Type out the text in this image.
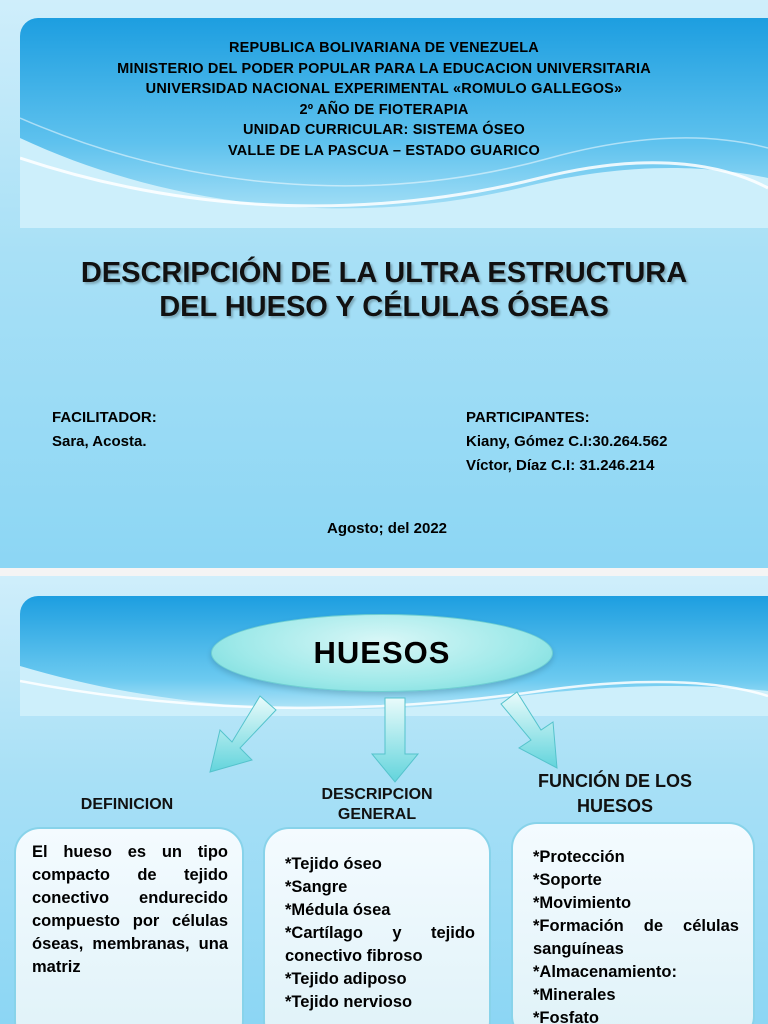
REPUBLICA BOLIVARIANA DE VENEZUELA
MINISTERIO DEL PODER POPULAR PARA LA EDUCACION UNIVERSITARIA
UNIVERSIDAD NACIONAL EXPERIMENTAL «ROMULO GALLEGOS»
2º AÑO DE FIOTERAPIA
UNIDAD CURRICULAR: SISTEMA ÓSEO
VALLE DE LA PASCUA – ESTADO GUARICO
DESCRIPCIÓN DE LA ULTRA ESTRUCTURA
DEL HUESO Y CÉLULAS ÓSEAS
FACILITADOR:
Sara, Acosta.
PARTICIPANTES:
Kiany, Gómez C.I:30.264.562
Víctor, Díaz C.I: 31.246.214
Agosto; del 2022
HUESOS
DEFINICION
DESCRIPCION GENERAL
FUNCIÓN DE LOS HUESOS

El hueso es un tipo compacto de tejido conectivo endurecido compuesto por células óseas, membranas, una matriz

*Tejido óseo
*Sangre
*Médula ósea
*Cartílago y tejido conectivo fibroso
*Tejido adiposo
*Tejido nervioso
*Protección
*Soporte
*Movimiento
*Formación de células sanguíneas
*Almacenamiento:
*Minerales
*Fosfato
